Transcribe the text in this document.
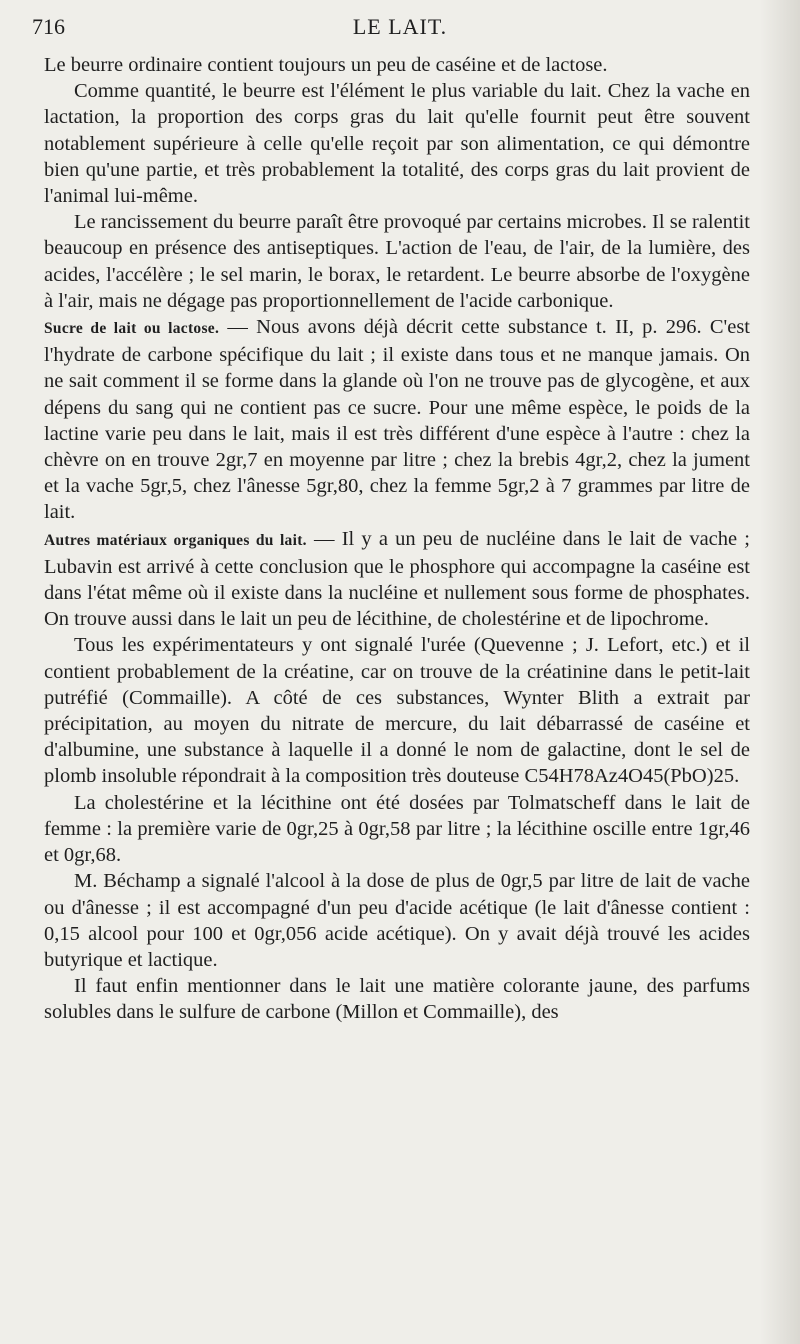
716	LE LAIT.

Le beurre ordinaire contient toujours un peu de caséine et de lactose.

Comme quantité, le beurre est l'élément le plus variable du lait. Chez la vache en lactation, la proportion des corps gras du lait qu'elle fournit peut être souvent notablement supérieure à celle qu'elle reçoit par son alimentation, ce qui démontre bien qu'une partie, et très probablement la totalité, des corps gras du lait provient de l'animal lui-même.

Le rancissement du beurre paraît être provoqué par certains microbes. Il se ralentit beaucoup en présence des antiseptiques. L'action de l'eau, de l'air, de la lumière, des acides, l'accélère ; le sel marin, le borax, le retardent. Le beurre absorbe de l'oxygène à l'air, mais ne dégage pas proportionnellement de l'acide carbonique.

Sucre de lait ou lactose. — Nous avons déjà décrit cette substance t. II, p. 296. C'est l'hydrate de carbone spécifique du lait ; il existe dans tous et ne manque jamais. On ne sait comment il se forme dans la glande où l'on ne trouve pas de glycogène, et aux dépens du sang qui ne contient pas ce sucre. Pour une même espèce, le poids de la lactine varie peu dans le lait, mais il est très différent d'une espèce à l'autre : chez la chèvre on en trouve 2gr,7 en moyenne par litre ; chez la brebis 4gr,2, chez la jument et la vache 5gr,5, chez l'ânesse 5gr,80, chez la femme 5gr,2 à 7 grammes par litre de lait.

Autres matériaux organiques du lait. — Il y a un peu de nucléine dans le lait de vache ; Lubavin est arrivé à cette conclusion que le phosphore qui accompagne la caséine est dans l'état même où il existe dans la nucléine et nullement sous forme de phosphates. On trouve aussi dans le lait un peu de lécithine, de cholestérine et de lipochrome.

Tous les expérimentateurs y ont signalé l'urée (Quevenne ; J. Lefort, etc.) et il contient probablement de la créatine, car on trouve de la créatinine dans le petit-lait putréfié (Commaille). A côté de ces substances, Wynter Blith a extrait par précipitation, au moyen du nitrate de mercure, du lait débarrassé de caséine et d'albumine, une substance à laquelle il a donné le nom de galactine, dont le sel de plomb insoluble répondrait à la composition très douteuse C54H78Az4O45(PbO)25.

La cholestérine et la lécithine ont été dosées par Tolmatscheff dans le lait de femme : la première varie de 0gr,25 à 0gr,58 par litre ; la lécithine oscille entre 1gr,46 et 0gr,68.

M. Béchamp a signalé l'alcool à la dose de plus de 0gr,5 par litre de lait de vache ou d'ânesse ; il est accompagné d'un peu d'acide acétique (le lait d'ânesse contient : 0,15 alcool pour 100 et 0gr,056 acide acétique). On y avait déjà trouvé les acides butyrique et lactique.

Il faut enfin mentionner dans le lait une matière colorante jaune, des parfums solubles dans le sulfure de carbone (Millon et Commaille), des
